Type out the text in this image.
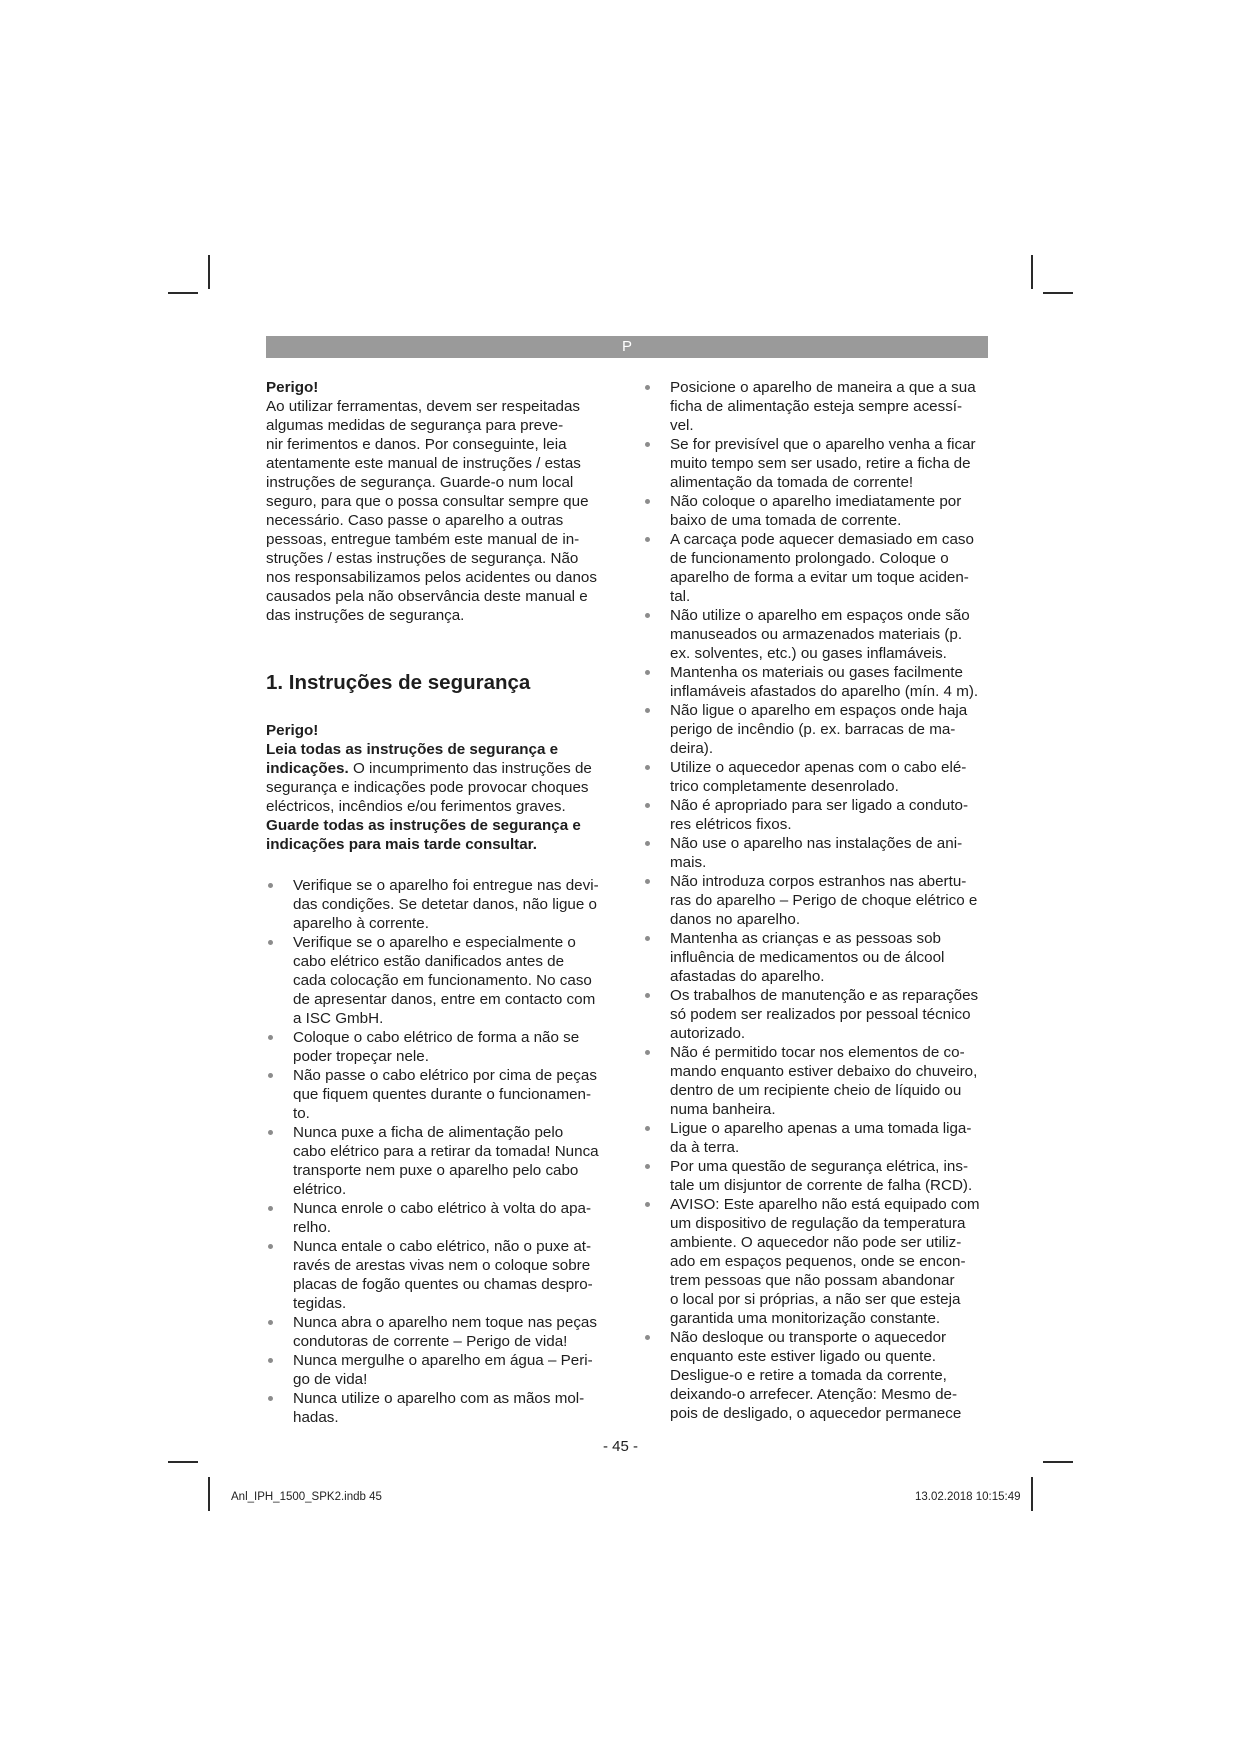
P

Perigo!

Ao utilizar ferramentas, devem ser respeitadas
algumas medidas de segurança para preve-
nir ferimentos e danos. Por conseguinte, leia
atentamente este manual de instruções / estas
instruções de segurança. Guarde-o num local
seguro, para que o possa consultar sempre que
necessário. Caso passe o aparelho a outras
pessoas, entregue também este manual de in-
struções / estas instruções de segurança. Não
nos responsabilizamos pelos acidentes ou danos
causados pela não observância deste manual e
das instruções de segurança.
1. Instruções de segurança
Perigo!
Leia todas as instruções de segurança e
indicações. O incumprimento das instruções de
segurança e indicações pode provocar choques
eléctricos, incêndios e/ou ferimentos graves.
Guarde todas as instruções de segurança e
indicações para mais tarde consultar.
Verifique se o aparelho foi entregue nas devi-
das condições. Se detetar danos, não ligue o
aparelho à corrente.
Verifique se o aparelho e especialmente o
cabo elétrico estão danificados antes de
cada colocação em funcionamento. No caso
de apresentar danos, entre em contacto com
a ISC GmbH.
Coloque o cabo elétrico de forma a não se
poder tropeçar nele.
Não passe o cabo elétrico por cima de peças
que fiquem quentes durante o funcionamen-
to.
Nunca puxe a ficha de alimentação pelo
cabo elétrico para a retirar da tomada! Nunca
transporte nem puxe o aparelho pelo cabo
elétrico.
Nunca enrole o cabo elétrico à volta do apa-
relho.
Nunca entale o cabo elétrico, não o puxe at-
ravés de arestas vivas nem o coloque sobre
placas de fogão quentes ou chamas despro-
tegidas.
Nunca abra o aparelho nem toque nas peças
condutoras de corrente – Perigo de vida!
Nunca mergulhe o aparelho em água – Peri-
go de vida!
Nunca utilize o aparelho com as mãos mol-
hadas.
Posicione o aparelho de maneira a que a sua
ficha de alimentação esteja sempre acessí-
vel.
Se for previsível que o aparelho venha a ficar
muito tempo sem ser usado, retire a ficha de
alimentação da tomada de corrente!
Não coloque o aparelho imediatamente por
baixo de uma tomada de corrente.
A carcaça pode aquecer demasiado em caso
de funcionamento prolongado. Coloque o
aparelho de forma a evitar um toque aciden-
tal.
Não utilize o aparelho em espaços onde são
manuseados ou armazenados materiais (p.
ex. solventes, etc.) ou gases inflamáveis.
Mantenha os materiais ou gases facilmente
inflamáveis afastados do aparelho (mín. 4 m).
Não ligue o aparelho em espaços onde haja
perigo de incêndio (p. ex. barracas de ma-
deira).
Utilize o aquecedor apenas com o cabo elé-
trico completamente desenrolado.
Não é apropriado para ser ligado a conduto-
res elétricos fixos.
Não use o aparelho nas instalações de ani-
mais.
Não introduza corpos estranhos nas abertu-
ras do aparelho – Perigo de choque elétrico e
danos no aparelho.
Mantenha as crianças e as pessoas sob
influência de medicamentos ou de álcool
afastadas do aparelho.
Os trabalhos de manutenção e as reparações
só podem ser realizados por pessoal técnico
autorizado.
Não é permitido tocar nos elementos de co-
mando enquanto estiver debaixo do chuveiro,
dentro de um recipiente cheio de líquido ou
numa banheira.
Ligue o aparelho apenas a uma tomada liga-
da à terra.
Por uma questão de segurança elétrica, ins-
tale um disjuntor de corrente de falha (RCD).
AVISO: Este aparelho não está equipado com
um dispositivo de regulação da temperatura
ambiente. O aquecedor não pode ser utiliz-
ado em espaços pequenos, onde se encon-
trem pessoas que não possam abandonar
o local por si próprias, a não ser que esteja
garantida uma monitorização constante.
Não desloque ou transporte o aquecedor
enquanto este estiver ligado ou quente.
Desligue-o e retire a tomada da corrente,
deixando-o arrefecer. Atenção: Mesmo de-
pois de desligado, o aquecedor permanece
- 45 -
Anl_IPH_1500_SPK2.indb 45	13.02.2018 10:15:49
